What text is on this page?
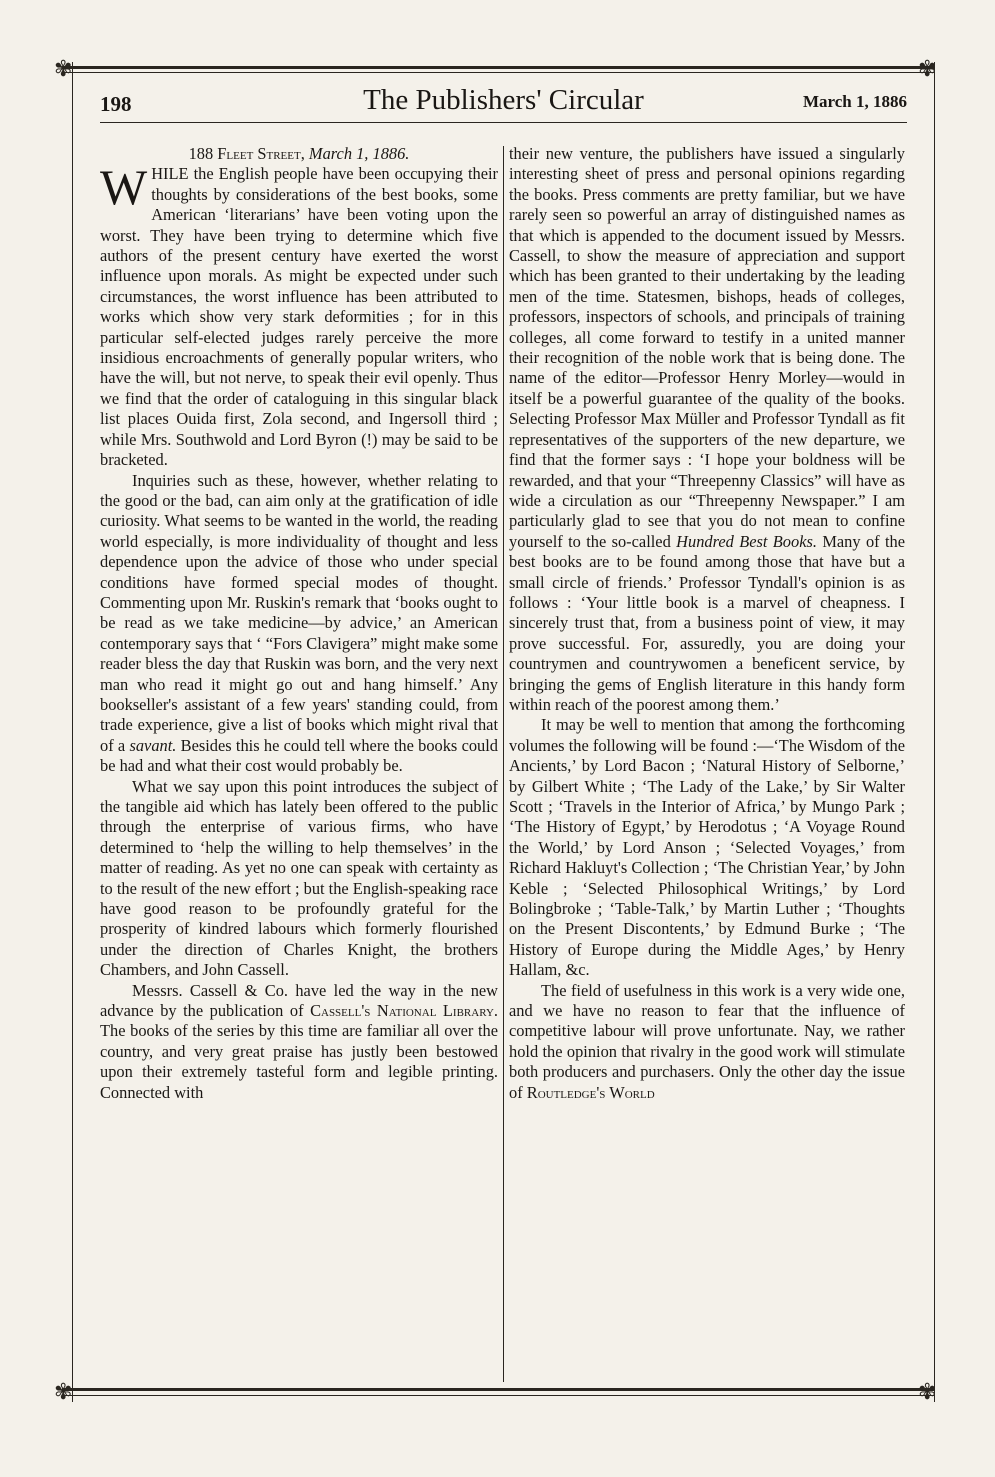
✾	✾
✾	✾
198	The Publishers' Circular	March 1, 1886

188 Fleet Street, March 1, 1886.

WHILE the English people have been occupying their thoughts by considerations of the best books, some American ‘literarians’ have been voting upon the worst. They have been trying to determine which five authors of the present century have exerted the worst influence upon morals. As might be expected under such circumstances, the worst influence has been attributed to works which show very stark deformities ; for in this particular self-elected judges rarely perceive the more insidious encroachments of generally popular writers, who have the will, but not nerve, to speak their evil openly. Thus we find that the order of cataloguing in this singular black list places Ouida first, Zola second, and Ingersoll third ; while Mrs. Southwold and Lord Byron (!) may be said to be bracketed.

Inquiries such as these, however, whether relating to the good or the bad, can aim only at the gratification of idle curiosity. What seems to be wanted in the world, the reading world especially, is more individuality of thought and less dependence upon the advice of those who under special conditions have formed special modes of thought. Commenting upon Mr. Ruskin's remark that ‘books ought to be read as we take medicine—by advice,’ an American contemporary says that ‘ “Fors Clavigera” might make some reader bless the day that Ruskin was born, and the very next man who read it might go out and hang himself.’ Any bookseller's assistant of a few years' standing could, from trade experience, give a list of books which might rival that of a savant. Besides this he could tell where the books could be had and what their cost would probably be.

What we say upon this point introduces the subject of the tangible aid which has lately been offered to the public through the enterprise of various firms, who have determined to ‘help the willing to help themselves’ in the matter of reading. As yet no one can speak with certainty as to the result of the new effort ; but the English-speaking race have good reason to be profoundly grateful for the prosperity of kindred labours which formerly flourished under the direction of Charles Knight, the brothers Chambers, and John Cassell.

Messrs. Cassell & Co. have led the way in the new advance by the publication of Cassell's National Library. The books of the series by this time are familiar all over the country, and very great praise has justly been bestowed upon their extremely tasteful form and legible printing. Connected with

their new venture, the publishers have issued a singularly interesting sheet of press and personal opinions regarding the books. Press comments are pretty familiar, but we have rarely seen so powerful an array of distinguished names as that which is appended to the document issued by Messrs. Cassell, to show the measure of appreciation and support which has been granted to their undertaking by the leading men of the time. Statesmen, bishops, heads of colleges, professors, inspectors of schools, and principals of training colleges, all come forward to testify in a united manner their recognition of the noble work that is being done. The name of the editor—Professor Henry Morley—would in itself be a powerful guarantee of the quality of the books. Selecting Professor Max Müller and Professor Tyndall as fit representatives of the supporters of the new departure, we find that the former says : ‘I hope your boldness will be rewarded, and that your “Threepenny Classics” will have as wide a circulation as our “Threepenny Newspaper.” I am particularly glad to see that you do not mean to confine yourself to the so-called Hundred Best Books. Many of the best books are to be found among those that have but a small circle of friends.’ Professor Tyndall's opinion is as follows : ‘Your little book is a marvel of cheapness. I sincerely trust that, from a business point of view, it may prove successful. For, assuredly, you are doing your countrymen and countrywomen a beneficent service, by bringing the gems of English literature in this handy form within reach of the poorest among them.’

It may be well to mention that among the forthcoming volumes the following will be found :—‘The Wisdom of the Ancients,’ by Lord Bacon ; ‘Natural History of Selborne,’ by Gilbert White ; ‘The Lady of the Lake,’ by Sir Walter Scott ; ‘Travels in the Interior of Africa,’ by Mungo Park ; ‘The History of Egypt,’ by Herodotus ; ‘A Voyage Round the World,’ by Lord Anson ; ‘Selected Voyages,’ from Richard Hakluyt's Collection ; ‘The Christian Year,’ by John Keble ; ‘Selected Philosophical Writings,’ by Lord Bolingbroke ; ‘Table-Talk,’ by Martin Luther ; ‘Thoughts on the Present Discontents,’ by Edmund Burke ; ‘The History of Europe during the Middle Ages,’ by Henry Hallam, &c.

The field of usefulness in this work is a very wide one, and we have no reason to fear that the influence of competitive labour will prove unfortunate. Nay, we rather hold the opinion that rivalry in the good work will stimulate both producers and purchasers. Only the other day the issue of Routledge's World
